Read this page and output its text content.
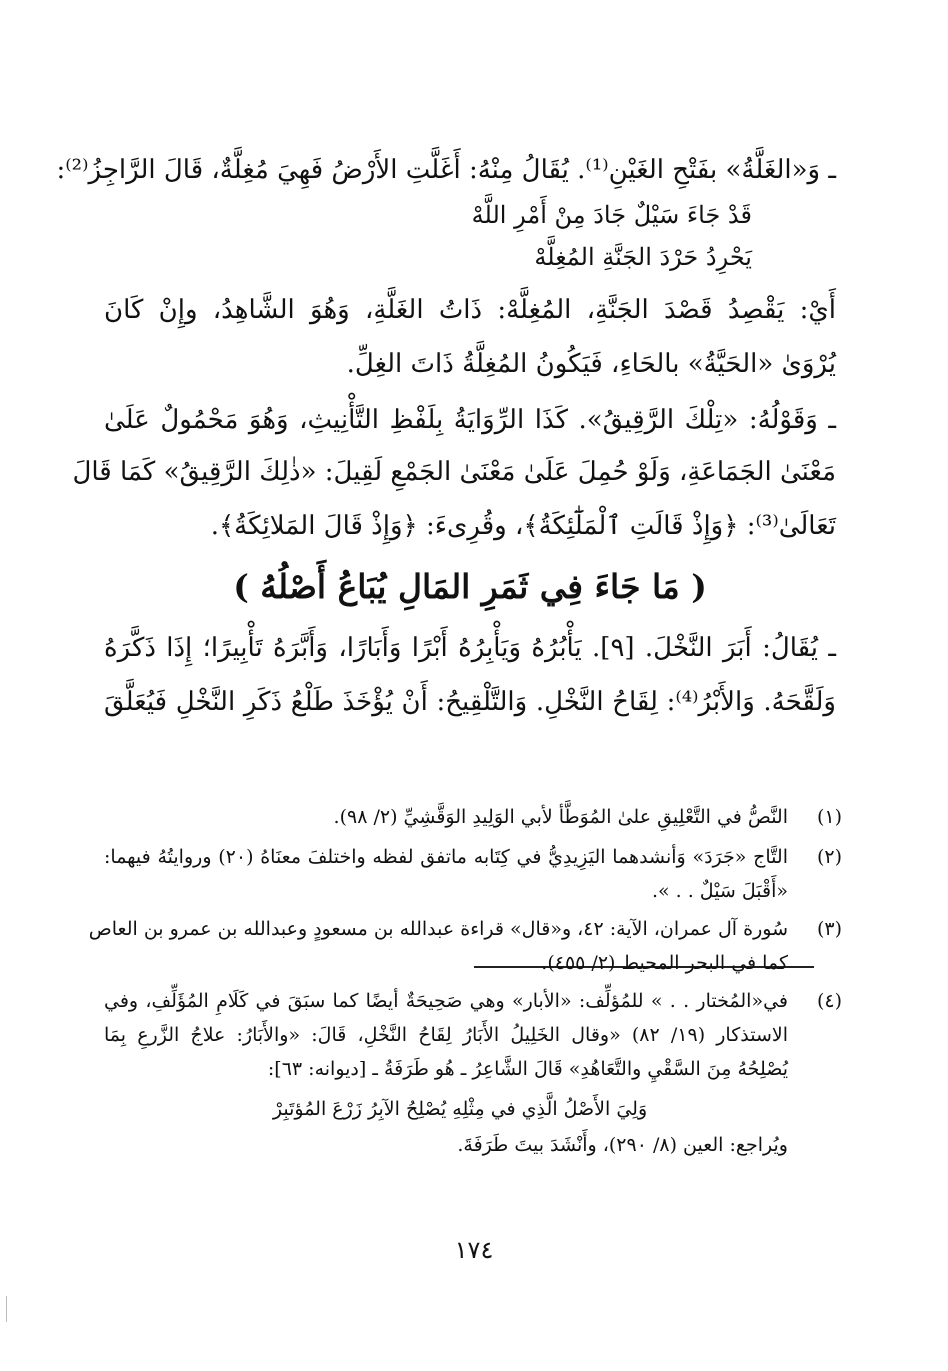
ـ وَ«الغَلَّةُ» بفَتْحِ الغَيْنِ⁽¹⁾. يُقَالُ مِنْهُ: أَغَلَّتِ الأَرْضُ فَهِيَ مُغِلَّةٌ، قَالَ الرَّاجِزُ⁽²⁾:
قَدْ جَاءَ سَيْلٌ جَادَ مِنْ أَمْرِ اللَّهْ
يَحْرِدُ حَرْدَ الجَنَّةِ المُغِلَّهْ
أَيْ: يَقْصِدُ قَصْدَ الجَنَّةِ، المُغِلَّهْ: ذَاتُ الغَلَّةِ، وَهُوَ الشَّاهِدُ، وإِنْ كَانَ
يُرْوَىٰ «الحَيَّةُ» بالحَاءِ، فَيَكُونُ المُغِلَّةُ ذَاتَ الغِلِّ.
ـ وَقَوْلُهُ: «تِلْكَ الرَّقِيقُ». كَذَا الرِّوَايَةُ بِلَفْظِ التَّأْنِيثِ، وَهُوَ مَحْمُولٌ عَلَىٰ
مَعْنَىٰ الجَمَاعَةِ، وَلَوْ حُمِلَ عَلَىٰ مَعْنَىٰ الجَمْعِ لَقِيلَ: «ذٰلِكَ الرَّقِيقُ» كَمَا قَالَ
تَعَالَىٰ⁽³⁾: ﴿وَإِذْ قَالَتِ ٱلْمَلَٰٓئِكَةُ﴾، وقُرِىءَ: ﴿وَإِذْ قَالَ المَلائِكَةُ﴾.
( مَا جَاءَ فِي ثَمَرِ المَالِ يُبَاعُ أَصْلُهُ )
ـ يُقَالُ: أَبَرَ النَّخْلَ. [٩]. يَأْبُرُهُ وَيَأْبِرُهُ أَبْرًا وَأَبَارًا، وَأَبَّرَهُ تَأْبِيرًا؛ إِذَا ذَكَّرَهُ
وَلَقَّحَهُ. وَالأَبْرُ⁽⁴⁾: لِقَاحُ النَّخْلِ. وَالتَّلْقِيحُ: أَنْ يُؤْخَذَ طَلْعُ ذَكَرِ النَّخْلِ فَيُعَلَّقَ
(١)
النَّصُّ في التَّعْلِيقِ علىٰ المُوَطَّأ لأبي الوَلِيدِ الوَقَّشِيِّ (٢/ ٩٨).
(٢)
التَّاج «جَرَدَ» وَأنشدهما اليَزِيدِيُّ في كِتَابه ماتفق لفظه واختلفَ معنَاهُ (٢٠) وروايتُهُ فيهما:
«أَقْبَلَ سَيْلٌ . . ».
(٣)
سُورة آل عمران، الآية: ٤٢، و«قال» قراءة عبدالله بن مسعودٍ وعبدالله بن عمرو بن العاص
كما في البحر المحيط (٢/ ٤٥٥).
(٤)
في«المُختار . . » للمُؤلِّف: «الأبار» وهي صَحِيحَةٌ أيضًا كما سبَقَ في كَلَامِ المُؤَلِّفِ، وفي
الاستذكار (١٩/ ٨٢) «وقال الخَلِيلُ الأَبَارُ لِقَاحُ النَّخْلِ، قَالَ: «والأَبَارُ: علاجُ الزَّرعِ بِمَا
يُصْلِحُهُ مِنَ السَّقْيِ والتَّعَاهُدِ» قَالَ الشَّاعِرُ ـ هُو طَرَفَةُ ـ [ديوانه: ٦٣]:
وَلِيَ الأَصْلُ الَّذِي في مِثْلِهِ يُصْلِحُ الآبِرُ زَرْعَ المُؤتَبِرْ
ويُراجع: العين (٨/ ٢٩٠)، وأَنْشَدَ بيتَ طَرَفَةَ.
١٧٤
